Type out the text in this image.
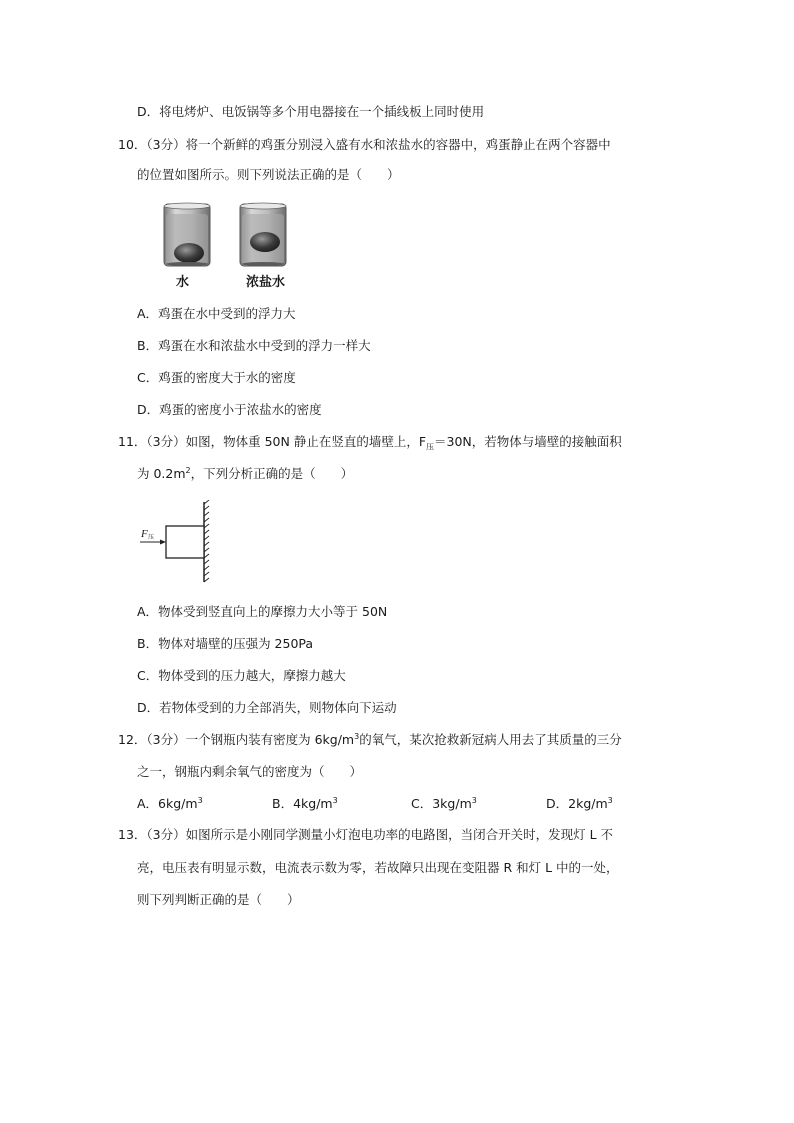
D．将电烤炉、电饭锅等多个用电器接在一个插线板上同时使用
10．（3分）将一个新鲜的鸡蛋分别浸入盛有水和浓盐水的容器中，鸡蛋静止在两个容器中
的位置如图所示。则下列说法正确的是（　　）
水	浓盐水
A．鸡蛋在水中受到的浮力大
B．鸡蛋在水和浓盐水中受到的浮力一样大
C．鸡蛋的密度大于水的密度
D．鸡蛋的密度小于浓盐水的密度
11．（3分）如图，物体重 50N 静止在竖直的墙壁上，$F_压=30N$，若物体与墙壁的接触面积
为 $0.2m^2$，下列分析正确的是（　　）
F 压
A．物体受到竖直向上的摩擦力大小等于 50N
B．物体对墙壁的压强为 250Pa
C．物体受到的压力越大，摩擦力越大
D．若物体受到的力全部消失，则物体向下运动
12．（3分）一个钢瓶内装有密度为 $6kg/m^3$的氧气，某次抢救新冠病人用去了其质量的三分
之一，钢瓶内剩余氧气的密度为（　　）
A．$6kg/m^3$	B．$4kg/m^3$	C．$3kg/m^3$	D．$2kg/m^3$
13．（3分）如图所示是小刚同学测量小灯泡电功率的电路图，当闭合开关时，发现灯 L 不
亮，电压表有明显示数，电流表示数为零，若故障只出现在变阻器 R 和灯 L 中的一处，
则下列判断正确的是（　　）
